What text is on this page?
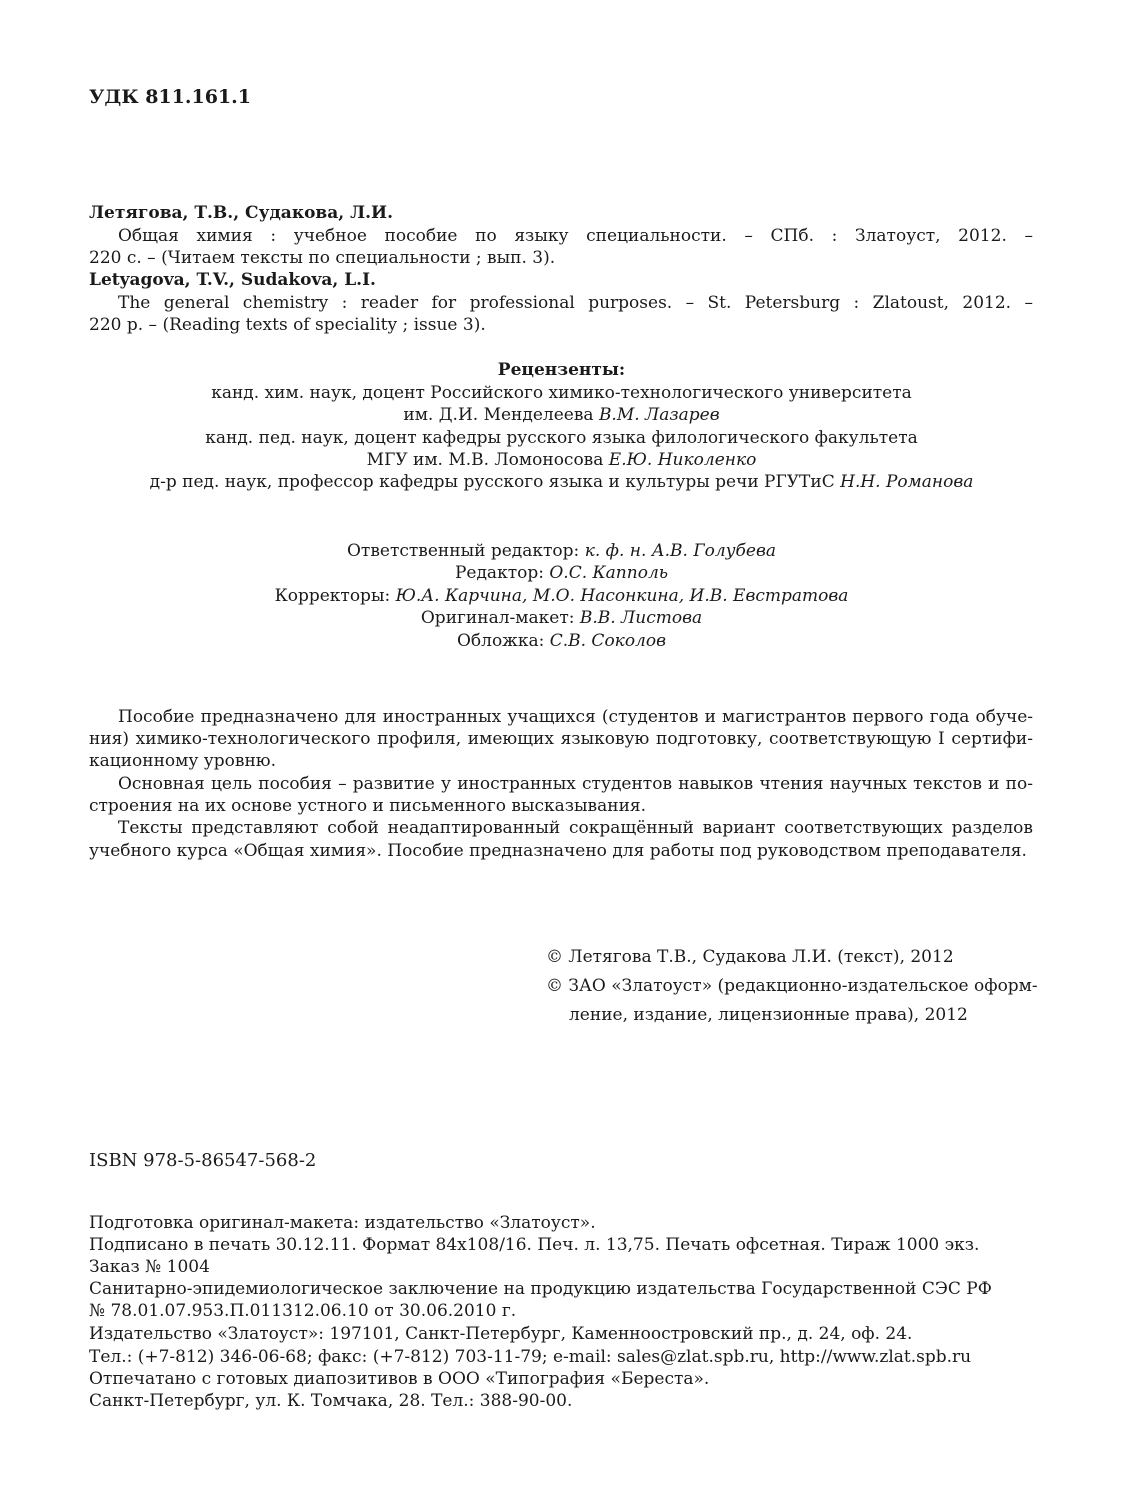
УДК 811.161.1
Летягова, Т.В., Судакова, Л.И.
Общая химия : учебное пособие по языку специальности. – СПб. : Златоуст, 2012. –
220 с. – (Читаем тексты по специальности ; вып. 3).
Letyagova, T.V., Sudakova, L.I.
The general chemistry : reader for professional purposes. – St. Petersburg : Zlatoust, 2012. –
220 p. – (Reading texts of speciality ; issue 3).
Рецензенты:
канд. хим. наук, доцент Российского химико-технологического университета
им. Д.И. Менделеева В.М. Лазарев
канд. пед. наук, доцент кафедры русского языка филологического факультета
МГУ им. М.В. Ломоносова Е.Ю. Николенко
д-р пед. наук, профессор кафедры русского языка и культуры речи РГУТиС Н.Н. Романова
Ответственный редактор: к. ф. н. А.В. Голубева
Редактор: О.С. Капполь
Корректоры: Ю.А. Карчина, М.О. Насонкина, И.В. Евстратова
Оригинал-макет: В.В. Листова
Обложка: С.В. Соколов
Пособие предназначено для иностранных учащихся (студентов и магистрантов первого года обуче-
ния) химико-технологического профиля, имеющих языковую подготовку, соответствующую I сертифи-
кационному уровню.
Основная цель пособия – развитие у иностранных студентов навыков чтения научных текстов и по-
строения на их основе устного и письменного высказывания.
Тексты представляют собой неадаптированный сокращённый вариант соответствующих разделов
учебного курса «Общая химия». Пособие предназначено для работы под руководством преподавателя.
© Летягова Т.В., Судакова Л.И. (текст), 2012
© ЗАО «Златоуст» (редакционно-издательское оформ-
ление, издание, лицензионные права), 2012
ISBN 978-5-86547-568-2
Подготовка оригинал-макета: издательство «Златоуст».
Подписано в печать 30.12.11. Формат 84х108/16. Печ. л. 13,75. Печать офсетная. Тираж 1000 экз.
Заказ № 1004
Санитарно-эпидемиологическое заключение на продукцию издательства Государственной СЭС РФ
№ 78.01.07.953.П.011312.06.10 от 30.06.2010 г.
Издательство «Златоуст»: 197101, Санкт-Петербург, Каменноостровский пр., д. 24, оф. 24.
Тел.: (+7-812) 346-06-68; факс: (+7-812) 703-11-79; e-mail: sales@zlat.spb.ru, http://www.zlat.spb.ru
Отпечатано с готовых диапозитивов в ООО «Типография «Береста».
Санкт-Петербург, ул. К. Томчака, 28. Тел.: 388-90-00.
